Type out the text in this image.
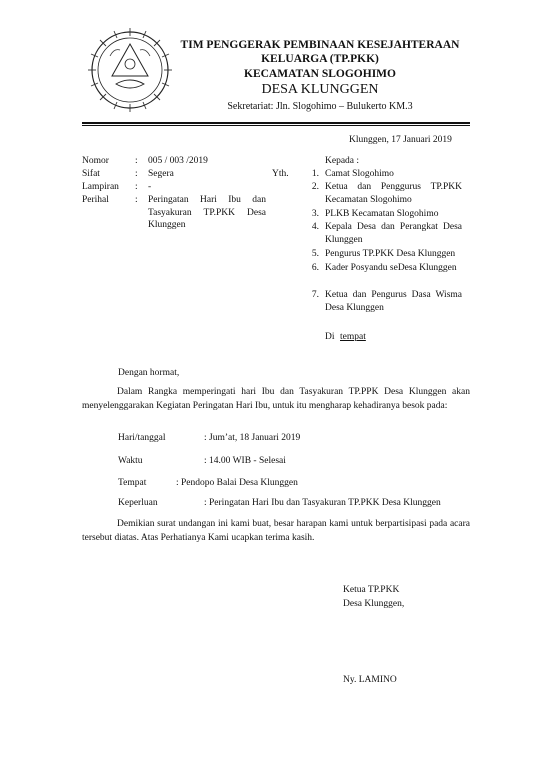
TIM PENGGERAK PEMBINAAN KESEJAHTERAAN
KELUARGA (TP.PKK)
KECAMATAN SLOGOHIMO
DESA KLUNGGEN
Sekretariat: Jln. Slogohimo – Bulukerto KM.3
Klunggen, 17 Januari 2019
Nomor	: 005 / 003 /2019
Sifat	: Segera
Lampiran : -
Perihal	: Peringatan Hari Ibu dan Tasyakuran TP.PKK Desa Klunggen
Yth.
Kepada :
1. Camat Slogohimo
2. Ketua dan Penggurus TP.PKK Kecamatan Slogohimo
3. PLKB Kecamatan Slogohimo
4. Kepala Desa dan Perangkat Desa Klunggen
5. Pengurus TP.PKK Desa Klunggen
6. Kader Posyandu seDesa Klunggen
7. Ketua dan Pengurus Dasa Wisma Desa Klunggen
Di tempat
Dengan hormat,
Dalam Rangka memperingati hari Ibu dan Tasyakuran TP.PPK Desa Klunggen akan menyelenggarakan Kegiatan Peringatan Hari Ibu, untuk itu mengharap kehadiranya besok pada:
Hari/tanggal	: Jum’at, 18 Januari 2019
Waktu	: 14.00 WIB - Selesai
Tempat	: Pendopo Balai Desa Klunggen
Keperluan	: Peringatan Hari Ibu dan Tasyakuran TP.PKK Desa Klunggen
Demikian surat undangan ini kami buat, besar harapan kami untuk berpartisipasi pada acara tersebut diatas. Atas Perhatianya Kami ucapkan terima kasih.
Ketua TP.PKK
Desa Klunggen,
Ny. LAMINO
